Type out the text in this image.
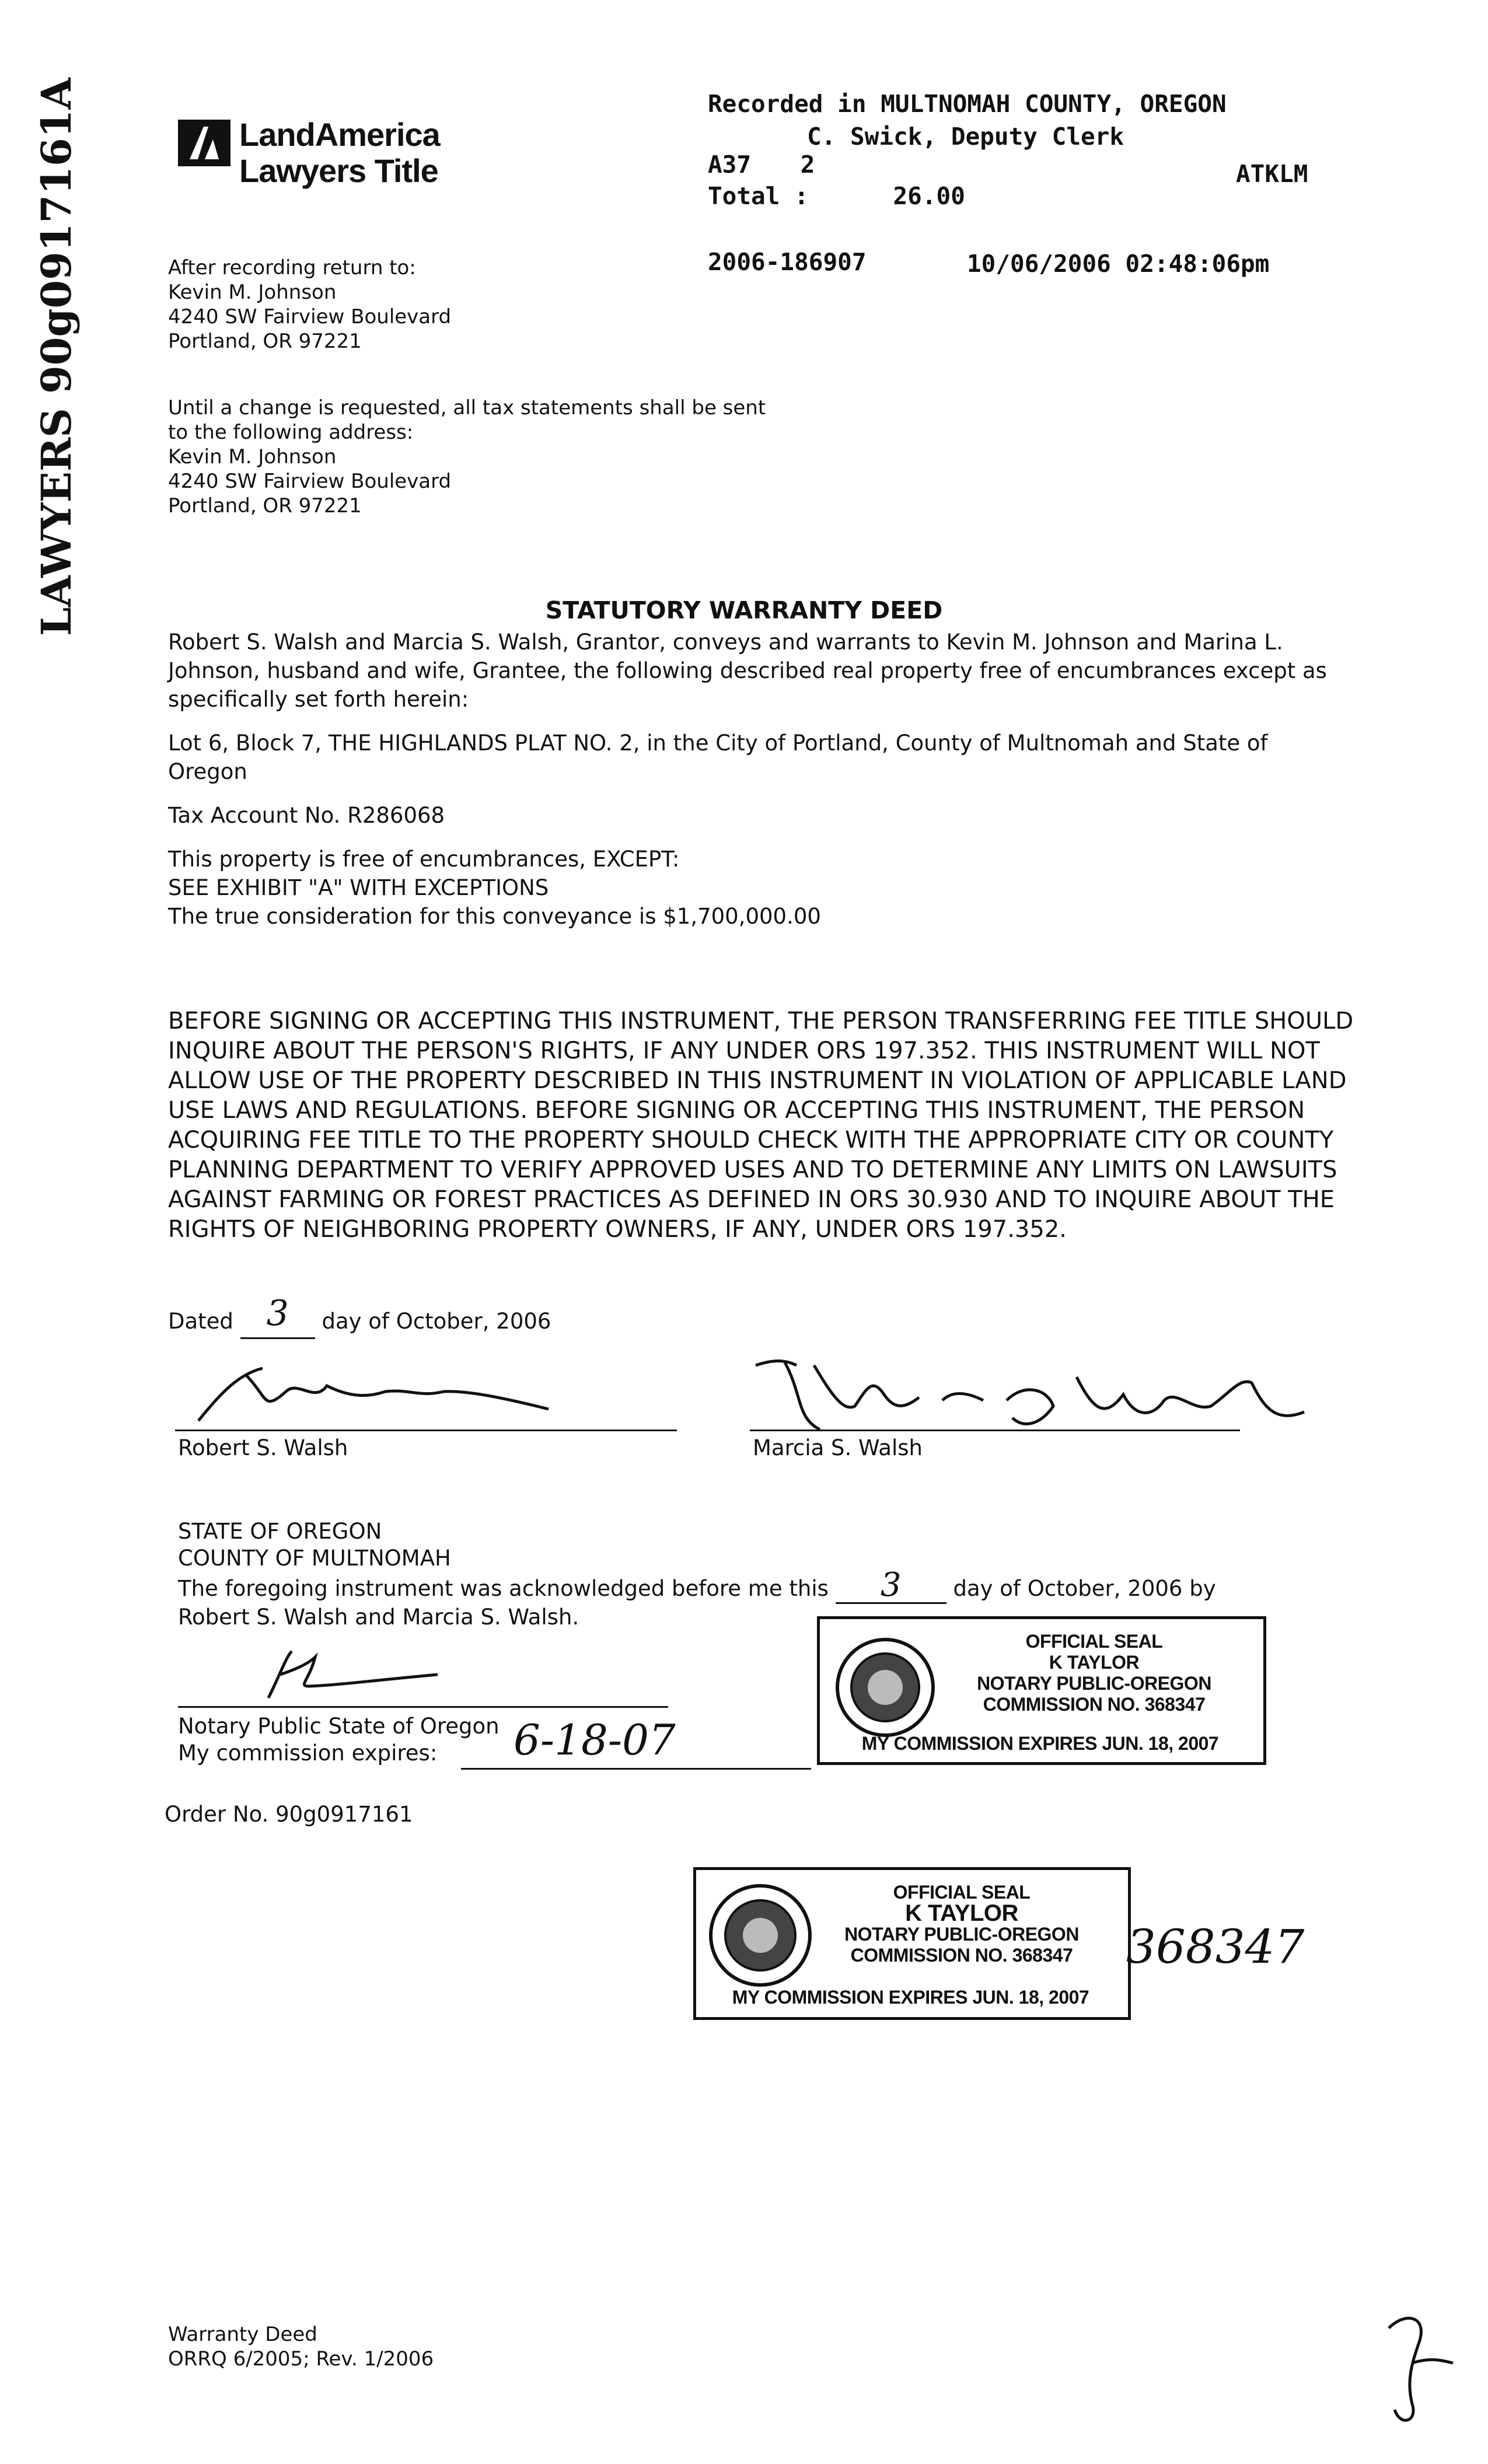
LAWYERS 90g0917161A	LandAmerica
Lawyers Title
Recorded in MULTNOMAH COUNTY, OREGON
C. Swick, Deputy Clerk
A37 2	ATKLM
Total :	26.00
2006-186907	10/06/2006 02:48:06pm
After recording return to:
Kevin M. Johnson
4240 SW Fairview Boulevard
Portland, OR 97221
Until a change is requested, all tax statements shall be sent
to the following address:
Kevin M. Johnson
4240 SW Fairview Boulevard
Portland, OR 97221
STATUTORY WARRANTY DEED

Robert S. Walsh and Marcia S. Walsh, Grantor, conveys and warrants to Kevin M. Johnson and Marina L. Johnson, husband and wife, Grantee, the following described real property free of encumbrances except as specifically set forth herein:

Lot 6, Block 7, THE HIGHLANDS PLAT NO. 2, in the City of Portland, County of Multnomah and State of Oregon

Tax Account No. R286068

This property is free of encumbrances, EXCEPT:
SEE EXHIBIT "A" WITH EXCEPTIONS
The true consideration for this conveyance is $1,700,000.00

BEFORE SIGNING OR ACCEPTING THIS INSTRUMENT, THE PERSON TRANSFERRING FEE TITLE SHOULD INQUIRE ABOUT THE PERSON'S RIGHTS, IF ANY UNDER ORS 197.352. THIS INSTRUMENT WILL NOT ALLOW USE OF THE PROPERTY DESCRIBED IN THIS INSTRUMENT IN VIOLATION OF APPLICABLE LAND USE LAWS AND REGULATIONS. BEFORE SIGNING OR ACCEPTING THIS INSTRUMENT, THE PERSON ACQUIRING FEE TITLE TO THE PROPERTY SHOULD CHECK WITH THE APPROPRIATE CITY OR COUNTY PLANNING DEPARTMENT TO VERIFY APPROVED USES AND TO DETERMINE ANY LIMITS ON LAWSUITS AGAINST FARMING OR FOREST PRACTICES AS DEFINED IN ORS 30.930 AND TO INQUIRE ABOUT THE RIGHTS OF NEIGHBORING PROPERTY OWNERS, IF ANY, UNDER ORS 197.352.
Dated 3 day of October, 2006
Robert S. Walsh	Marcia S. Walsh
STATE OF OREGON
COUNTY OF MULTNOMAH
The foregoing instrument was acknowledged before me this 3 day of October, 2006 by
Robert S. Walsh and Marcia S. Walsh.
Notary Public State of Oregon
My commission expires:	6-18-07
Order No. 90g0917161
OFFICIAL SEAL
K TAYLOR
NOTARY PUBLIC-OREGON
COMMISSION NO. 368347
MY COMMISSION EXPIRES JUN. 18, 2007
OFFICIAL SEAL
K TAYLOR
NOTARY PUBLIC-OREGON
COMMISSION NO. 368347
MY COMMISSION EXPIRES JUN. 18, 2007
368347
Warranty Deed
ORRQ 6/2005; Rev. 1/2006
